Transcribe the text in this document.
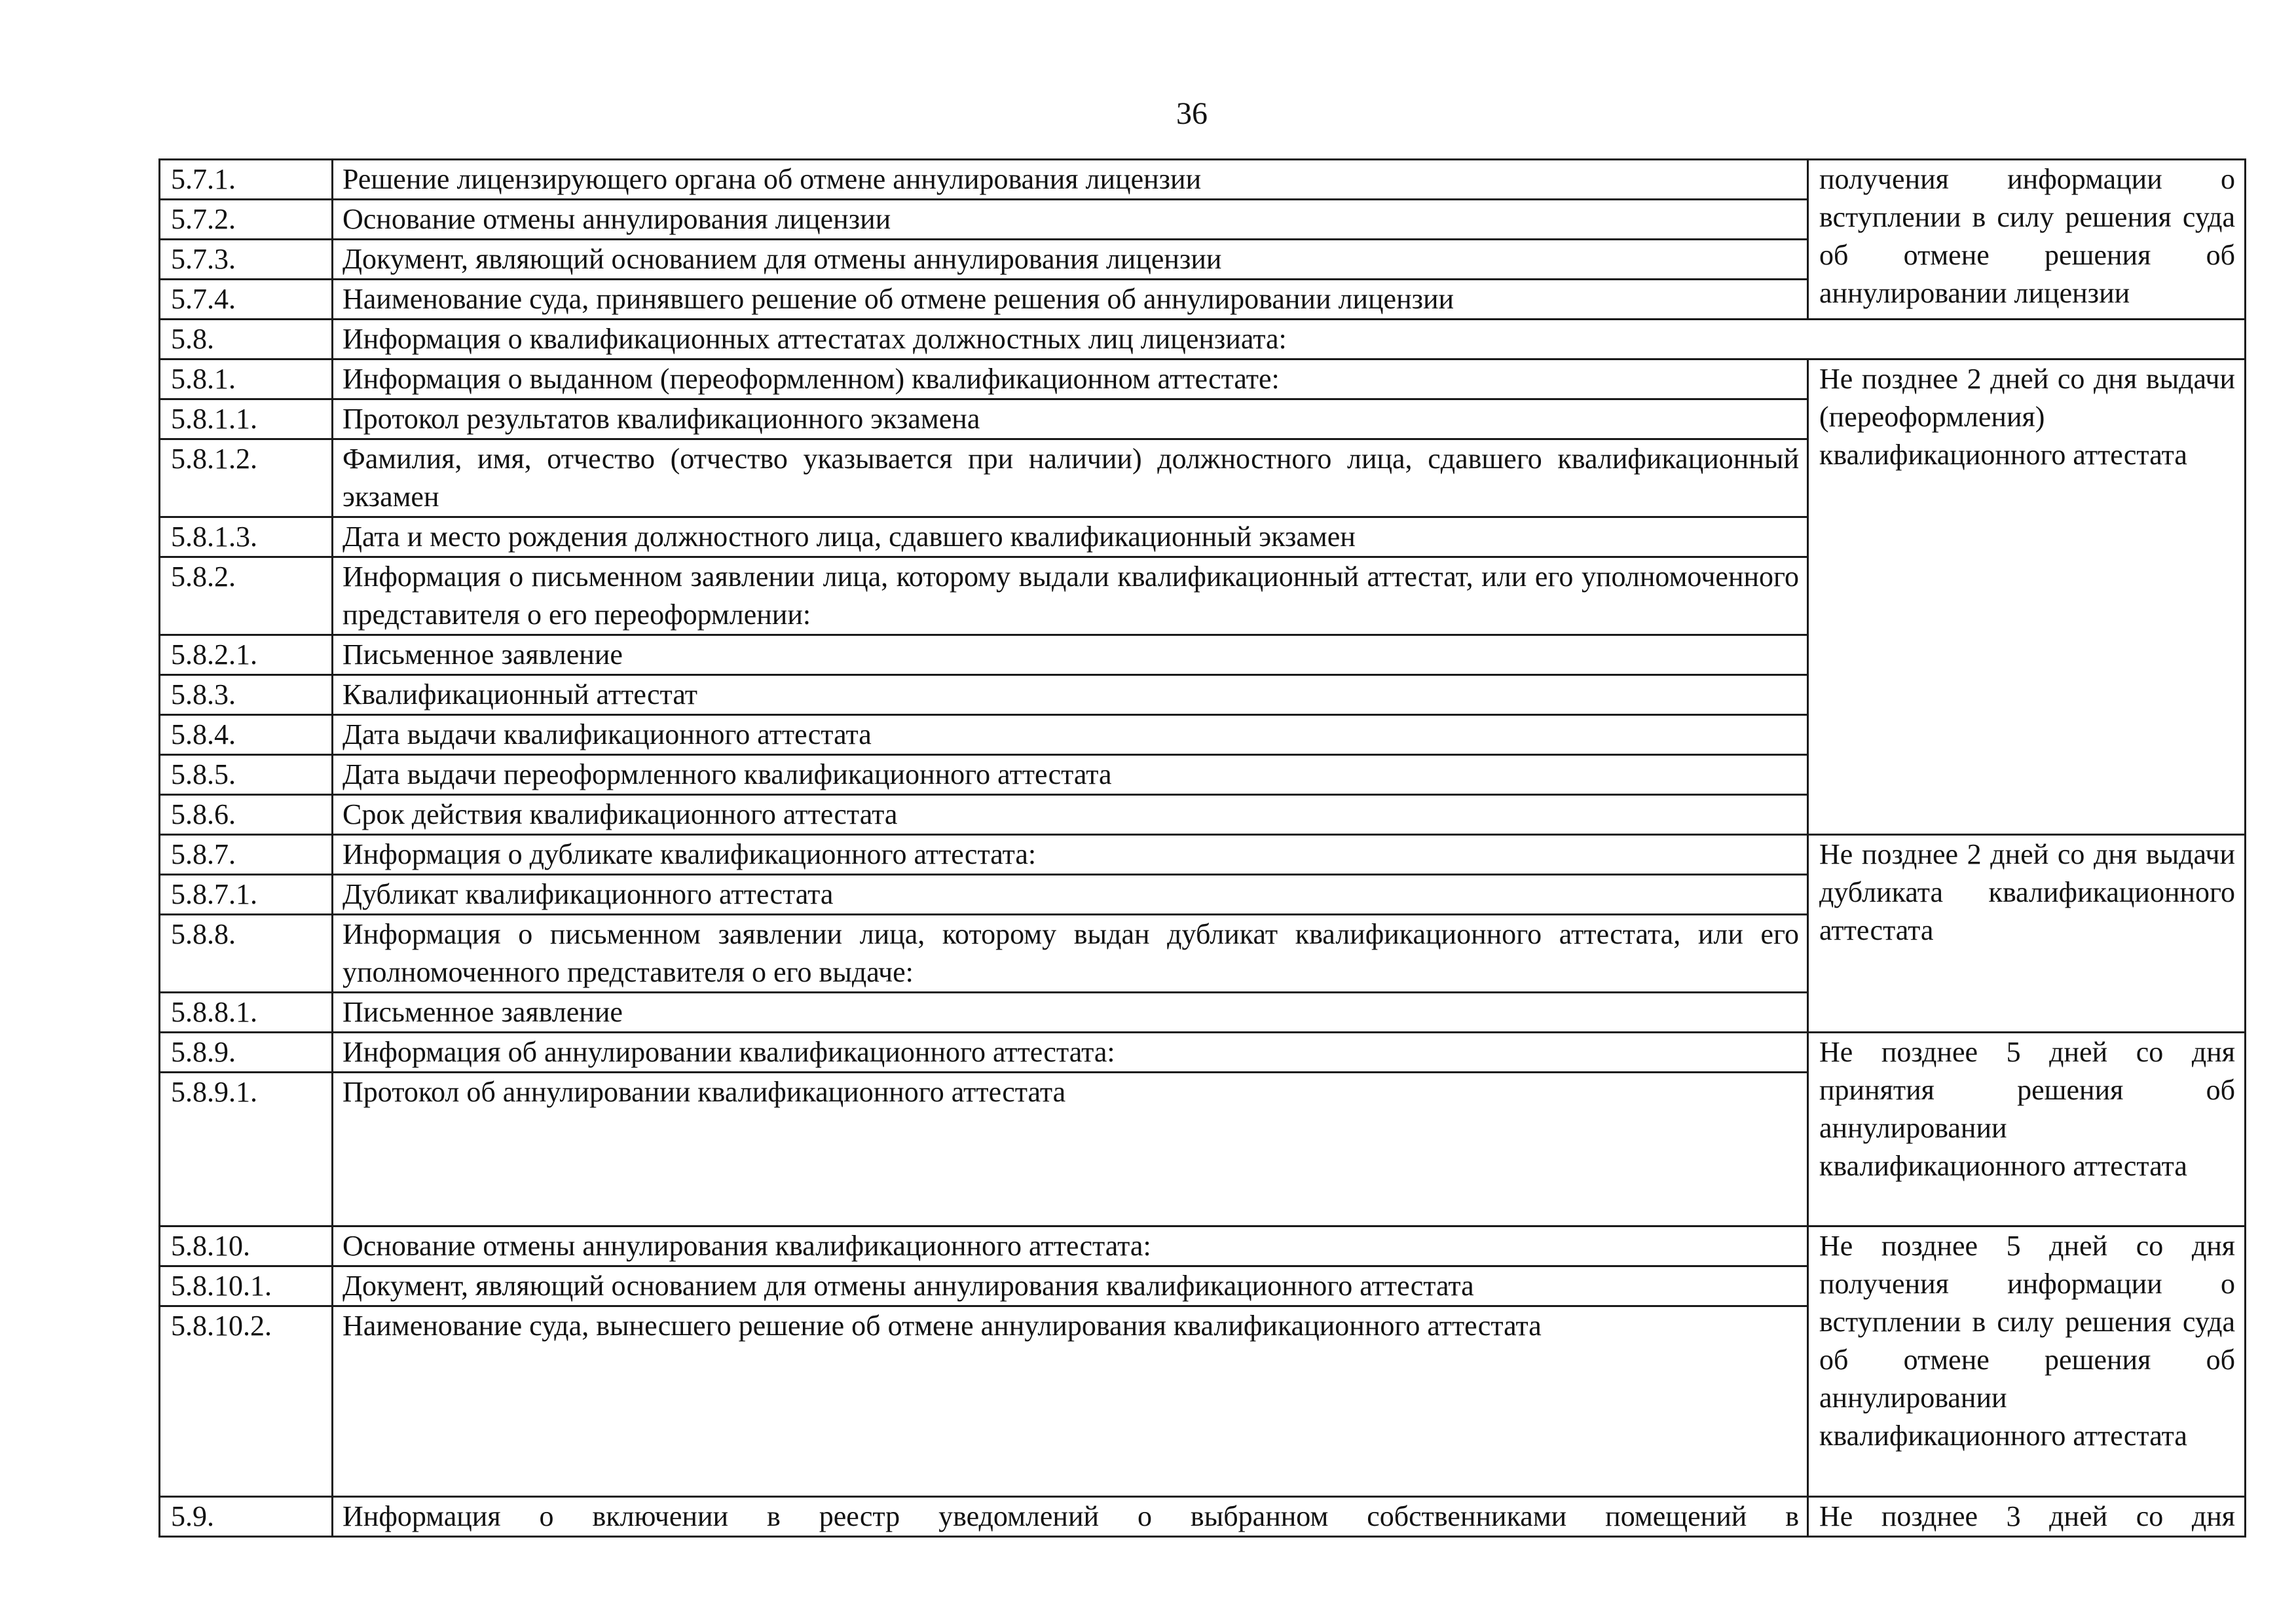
36
5.7.1.	Решение лицензирующего органа об отмене аннулирования лицензии	получения информации о вступлении в силу решения суда об отмене решения об аннулировании лицензии
5.7.2.	Основание отмены аннулирования лицензии	
5.7.3.	Документ, являющий основанием для отмены аннулирования лицензии	
5.7.4.	Наименование суда, принявшего решение об отмене решения об аннулировании лицензии	
5.8.	Информация о квалификационных аттестатах должностных лиц лицензиата:	
5.8.1.	Информация о выданном (переоформленном) квалификационном аттестате:	Не позднее 2 дней со дня выдачи (переоформления) квалификационного аттестата
5.8.1.1.	Протокол результатов квалификационного экзамена	
5.8.1.2.	Фамилия, имя, отчество (отчество указывается при наличии) должностного лица, сдавшего квалификационный экзамен	
5.8.1.3.	Дата и место рождения должностного лица, сдавшего квалификационный экзамен	
5.8.2.	Информация о письменном заявлении лица, которому выдали квалификационный аттестат, или его уполномоченного представителя о его переоформлении:	
5.8.2.1.	Письменное заявление	
5.8.3.	Квалификационный аттестат	
5.8.4.	Дата выдачи квалификационного аттестата	
5.8.5.	Дата выдачи переоформленного квалификационного аттестата	
5.8.6.	Срок действия квалификационного аттестата	
5.8.7.	Информация о дубликате квалификационного аттестата:	Не позднее 2 дней со дня выдачи дубликата квалификационного аттестата
5.8.7.1.	Дубликат квалификационного аттестата	
5.8.8.	Информация о письменном заявлении лица, которому выдан дубликат квалификационного аттестата, или его уполномоченного представителя о его выдаче:	
5.8.8.1.	Письменное заявление	
5.8.9.	Информация об аннулировании квалификационного аттестата:	Не позднее 5 дней со дня принятия решения об аннулировании квалификационного аттестата
5.8.9.1.	Протокол об аннулировании квалификационного аттестата	
5.8.10.	Основание отмены аннулирования квалификационного аттестата:	Не позднее 5 дней со дня получения информации о вступлении в силу решения суда об отмене решения об аннулировании квалификационного аттестата
5.8.10.1.	Документ, являющий основанием для отмены аннулирования квалификационного аттестата	
5.8.10.2.	Наименование суда, вынесшего решение об отмене аннулирования квалификационного аттестата	
5.9.	Информация о включении в реестр уведомлений о выбранном собственниками помещений в	Не позднее 3 дней со дня
